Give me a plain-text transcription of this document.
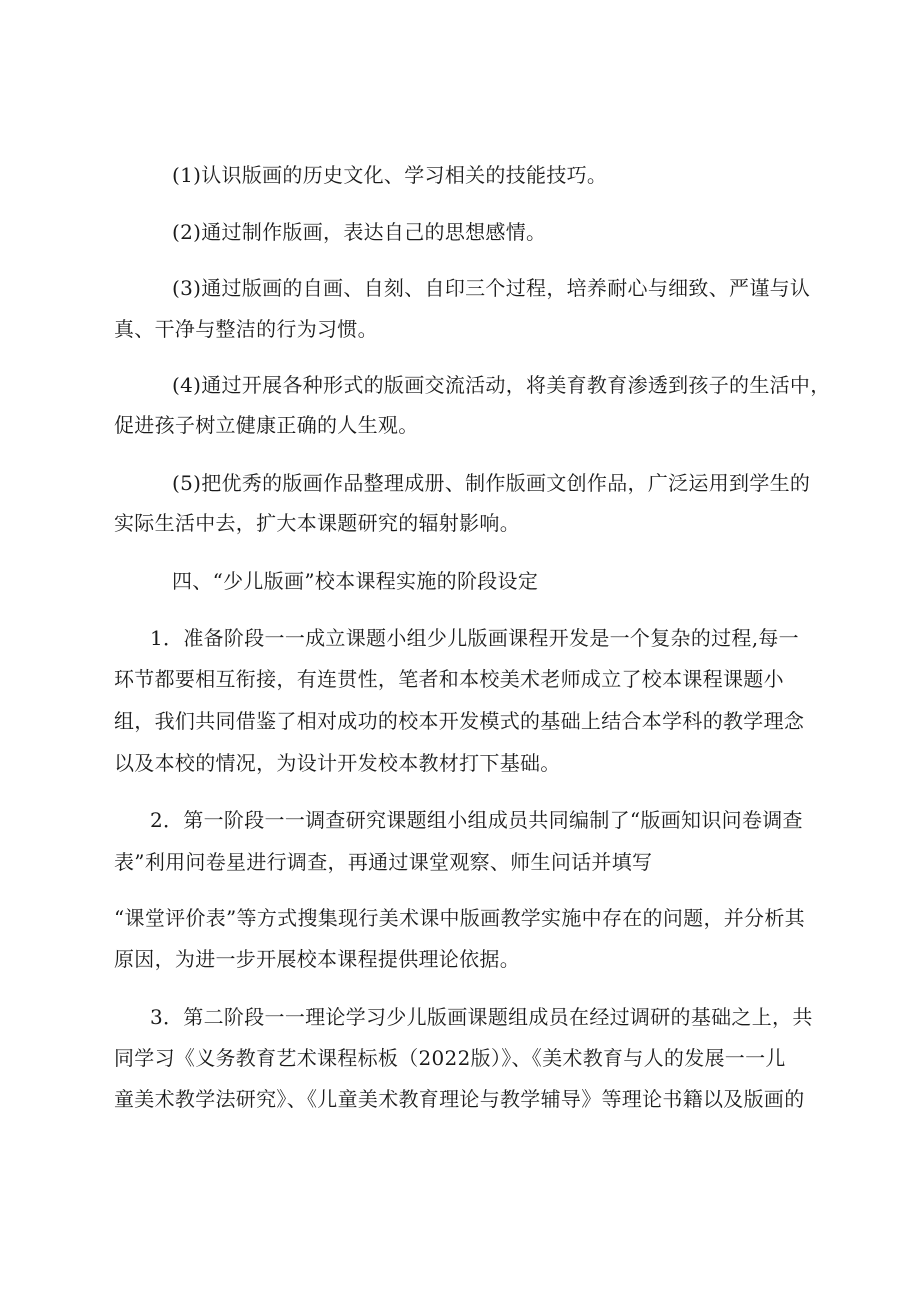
(1)认识版画的历史文化、学习相关的技能技巧。
(2)通过制作版画，表达自己的思想感情。
(3)通过版画的自画、自刻、自印三个过程，培养耐心与细致、严谨与认
真、干净与整洁的行为习惯。
(4)通过开展各种形式的版画交流活动，将美育教育渗透到孩子的生活中，
促进孩子树立健康正确的人生观。
(5)把优秀的版画作品整理成册、制作版画文创作品，广泛运用到学生的
实际生活中去，扩大本课题研究的辐射影响。
四、“少儿版画”校本课程实施的阶段设定
1．准备阶段一一成立课题小组少儿版画课程开发是一个复杂的过程,每一
环节都要相互衔接，有连贯性，笔者和本校美术老师成立了校本课程课题小
组，我们共同借鉴了相对成功的校本开发模式的基础上结合本学科的教学理念
以及本校的情况，为设计开发校本教材打下基础。
2．第一阶段一一调查研究课题组小组成员共同编制了“版画知识问卷调查
表”利用问卷星进行调查，再通过课堂观察、师生问话并填写
“课堂评价表”等方式搜集现行美术课中版画教学实施中存在的问题，并分析其
原因，为进一步开展校本课程提供理论依据。
3．第二阶段一一理论学习少儿版画课题组成员在经过调研的基础之上，共
同学习《义务教育艺术课程标板（2022版）》、《美术教育与人的发展一一儿
童美术教学法研究》、《儿童美术教育理论与教学辅导》等理论书籍以及版画的
